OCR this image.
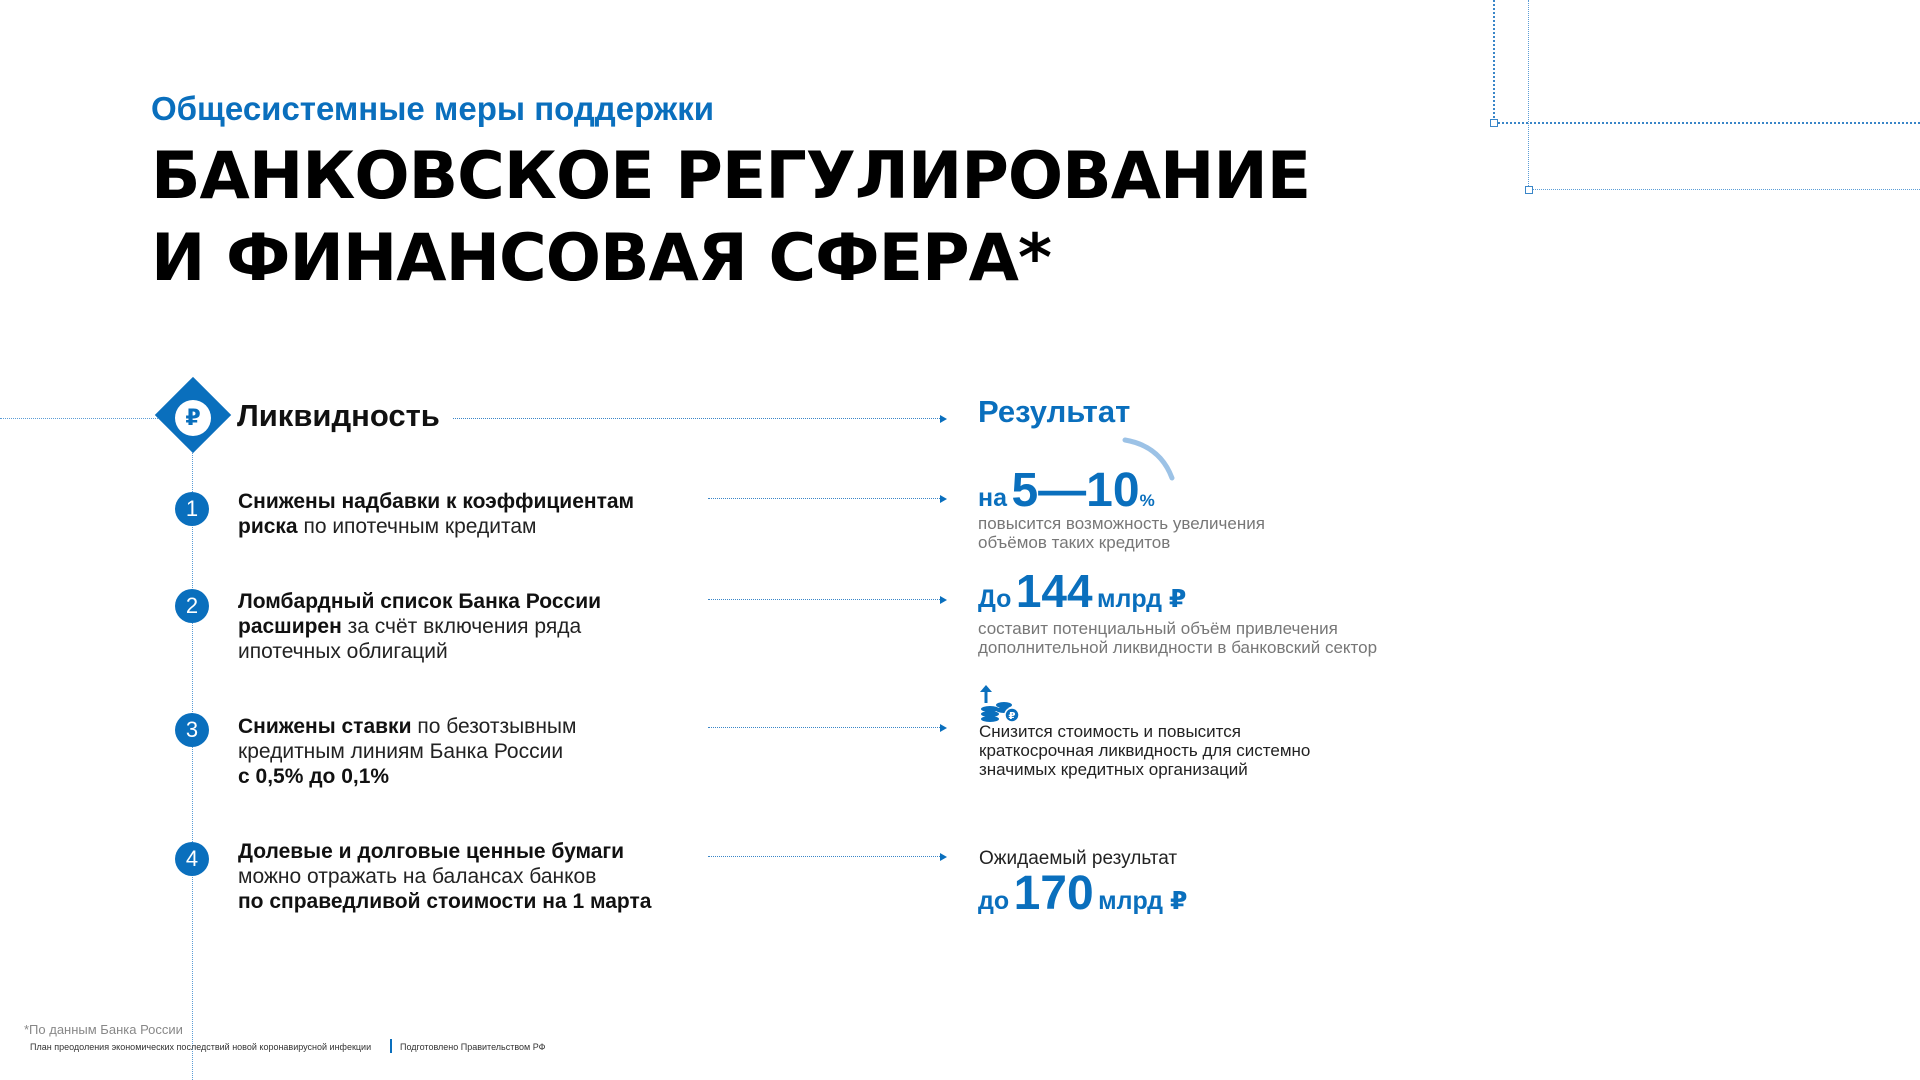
Общесистемные меры поддержки
БАНКОВСКОЕ РЕГУЛИРОВАНИЕ
И ФИНАНСОВАЯ СФЕРА*
₽ Ликвидность	Результат
1	Снижены надбавки к коэффициентам
риска по ипотечным кредитам
2	Ломбардный список Банка России
расширен за счёт включения ряда ипотечных облигаций
3	Снижены ставки по безотзывным кредитным линиям Банка России
с 0,5% до 0,1%
4	Долевые и долговые ценные бумаги
можно отражать на балансах банков
по справедливой стоимости на 1 марта
на 5—10%
повысится возможность увеличения
объёмов таких кредитов
До 144 млрд ₽
составит потенциальный объём привлечения
дополнительной ликвидности в банковский сектор
₽
Снизится стоимость и повысится
краткосрочная ликвидность для системно
значимых кредитных организаций
Ожидаемый результат
до 170 млрд ₽
*По данным Банка России
План преодоления экономических последствий новой коронавирусной инфекции	Подготовлено Правительством РФ
